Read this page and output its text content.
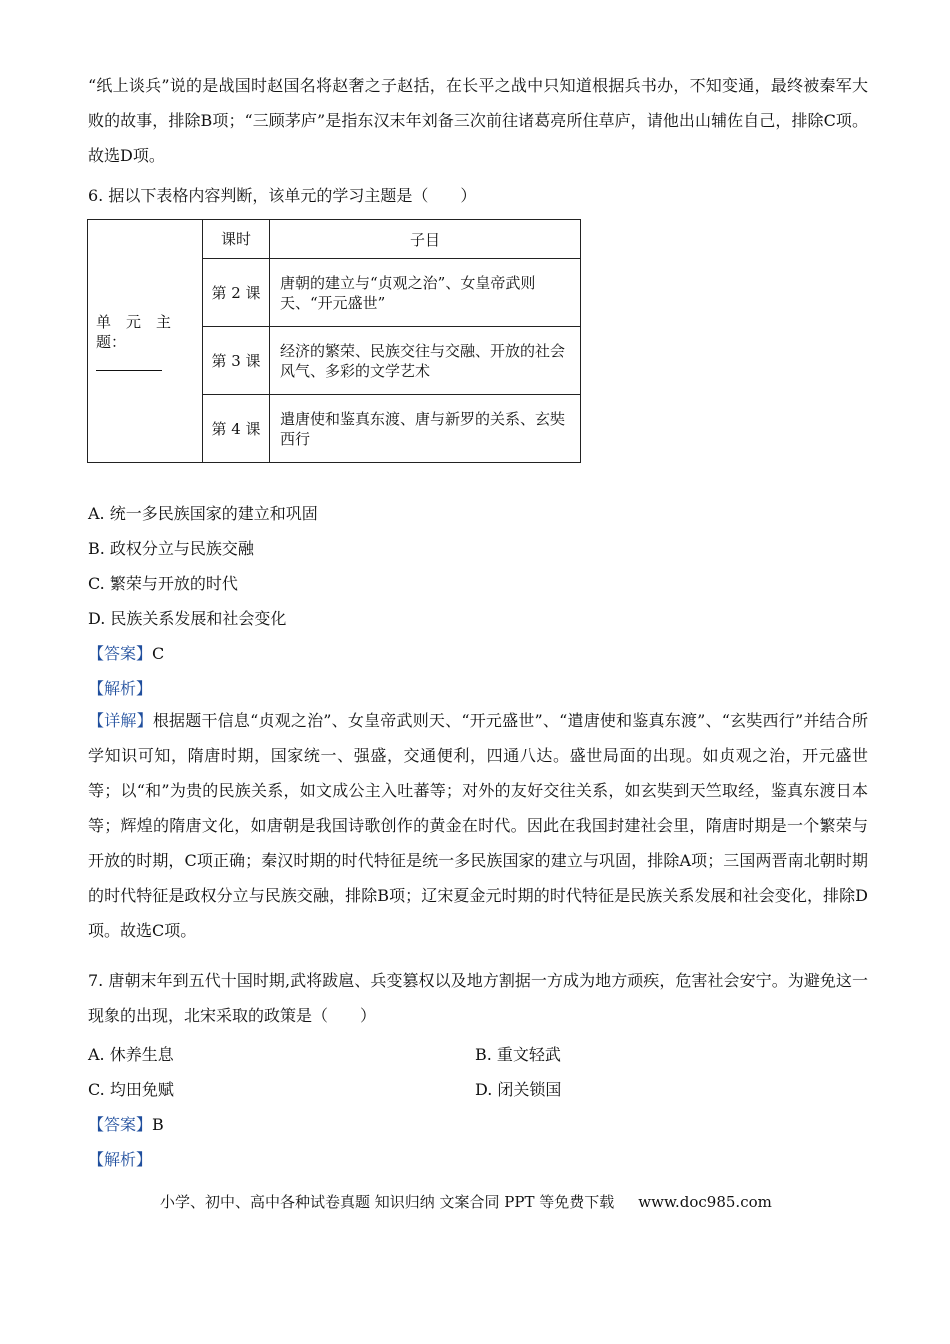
“纸上谈兵”说的是战国时赵国名将赵奢之子赵括，在长平之战中只知道根据兵书办，不知变通，最终被秦军大败的故事，排除B项；“三顾茅庐”是指东汉末年刘备三次前往诸葛亮所住草庐，请他出山辅佐自己，排除C项。故选D项。

6. 据以下表格内容判断，该单元的学习主题是（　　）
单　元　主题：	课时	子目
	第 2 课	唐朝的建立与“贞观之治”、女皇帝武则天、“开元盛世”
	第 3 课	经济的繁荣、民族交往与交融、开放的社会风气、多彩的文学艺术
	第 4 课	遣唐使和鉴真东渡、唐与新罗的关系、玄奘西行
A. 统一多民族国家的建立和巩固
B. 政权分立与民族交融
C. 繁荣与开放的时代
D. 民族关系发展和社会变化
【答案】C
【解析】

【详解】根据题干信息“贞观之治”、女皇帝武则天、“开元盛世”、“遣唐使和鉴真东渡”、“玄奘西行”并结合所学知识可知，隋唐时期，国家统一、强盛，交通便利，四通八达。盛世局面的出现。如贞观之治，开元盛世等；以“和”为贵的民族关系，如文成公主入吐蕃等；对外的友好交往关系，如玄奘到天竺取经，鉴真东渡日本等；辉煌的隋唐文化，如唐朝是我国诗歌创作的黄金在时代。因此在我国封建社会里，隋唐时期是一个繁荣与开放的时期，C项正确；秦汉时期的时代特征是统一多民族国家的建立与巩固，排除A项；三国两晋南北朝时期的时代特征是政权分立与民族交融，排除B项；辽宋夏金元时期的时代特征是民族关系发展和社会变化，排除D项。故选C项。

7. 唐朝末年到五代十国时期,武将跋扈、兵变篡权以及地方割据一方成为地方顽疾，危害社会安宁。为避免这一现象的出现，北宋采取的政策是（　　）

A. 休养生息	B. 重文轻武
C. 均田免赋	D. 闭关锁国
【答案】B
【解析】
小学、初中、高中各种试卷真题 知识归纳 文案合同 PPT 等免费下载 www.doc985.com
